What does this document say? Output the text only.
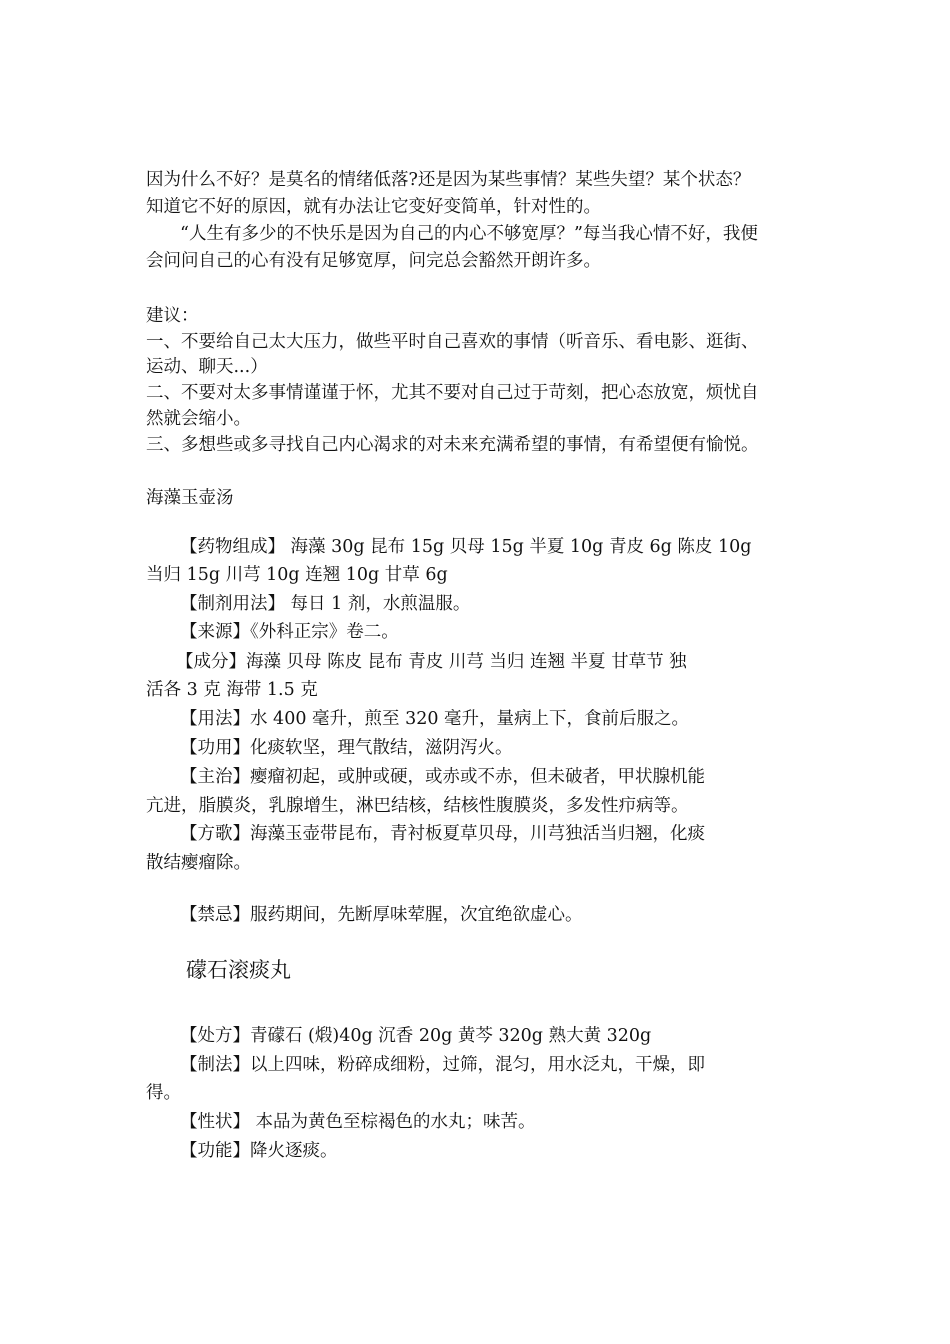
因为什么不好？是莫名的情绪低落?还是因为某些事情？某些失望？某个状态？
知道它不好的原因，就有办法让它变好变简单，针对性的。
“人生有多少的不快乐是因为自己的内心不够宽厚？”每当我心情不好，我便
会问问自己的心有没有足够宽厚，问完总会豁然开朗许多。
建议：
一、不要给自己太大压力，做些平时自己喜欢的事情（听音乐、看电影、逛街、
运动、聊天...）
二、不要对太多事情谨谨于怀，尤其不要对自己过于苛刻，把心态放宽，烦忧自
然就会缩小。
三、多想些或多寻找自己内心渴求的对未来充满希望的事情，有希望便有愉悦。
海藻玉壶汤
【药物组成】 海藻 30g 昆布 15g 贝母 15g 半夏 10g 青皮 6g 陈皮 10g
当归 15g 川芎 10g 连翘 10g 甘草 6g
【制剂用法】 每日 1 剂，水煎温服。
【来源】《外科正宗》卷二。
【成分】海藻 贝母 陈皮 昆布 青皮 川芎 当归 连翘 半夏 甘草节 独
活各 3 克 海带 1.5 克
【用法】水 400 毫升，煎至 320 毫升，量病上下，食前后服之。
【功用】化痰软坚，理气散结，滋阴泻火。
【主治】瘿瘤初起，或肿或硬，或赤或不赤，但未破者，甲状腺机能
亢进，脂膜炎，乳腺增生，淋巴结核，结核性腹膜炎，多发性疖病等。
【方歌】海藻玉壶带昆布，青衬板夏草贝母，川芎独活当归翘，化痰
散结瘿瘤除。
【禁忌】服药期间，先断厚味荤腥，次宜绝欲虚心。
礞石滚痰丸
【处方】青礞石 (煅)40g 沉香 20g 黄芩 320g 熟大黄 320g
【制法】以上四味，粉碎成细粉，过筛，混匀，用水泛丸，干燥，即
得。
【性状】 本品为黄色至棕褐色的水丸；味苦。
【功能】降火逐痰。
